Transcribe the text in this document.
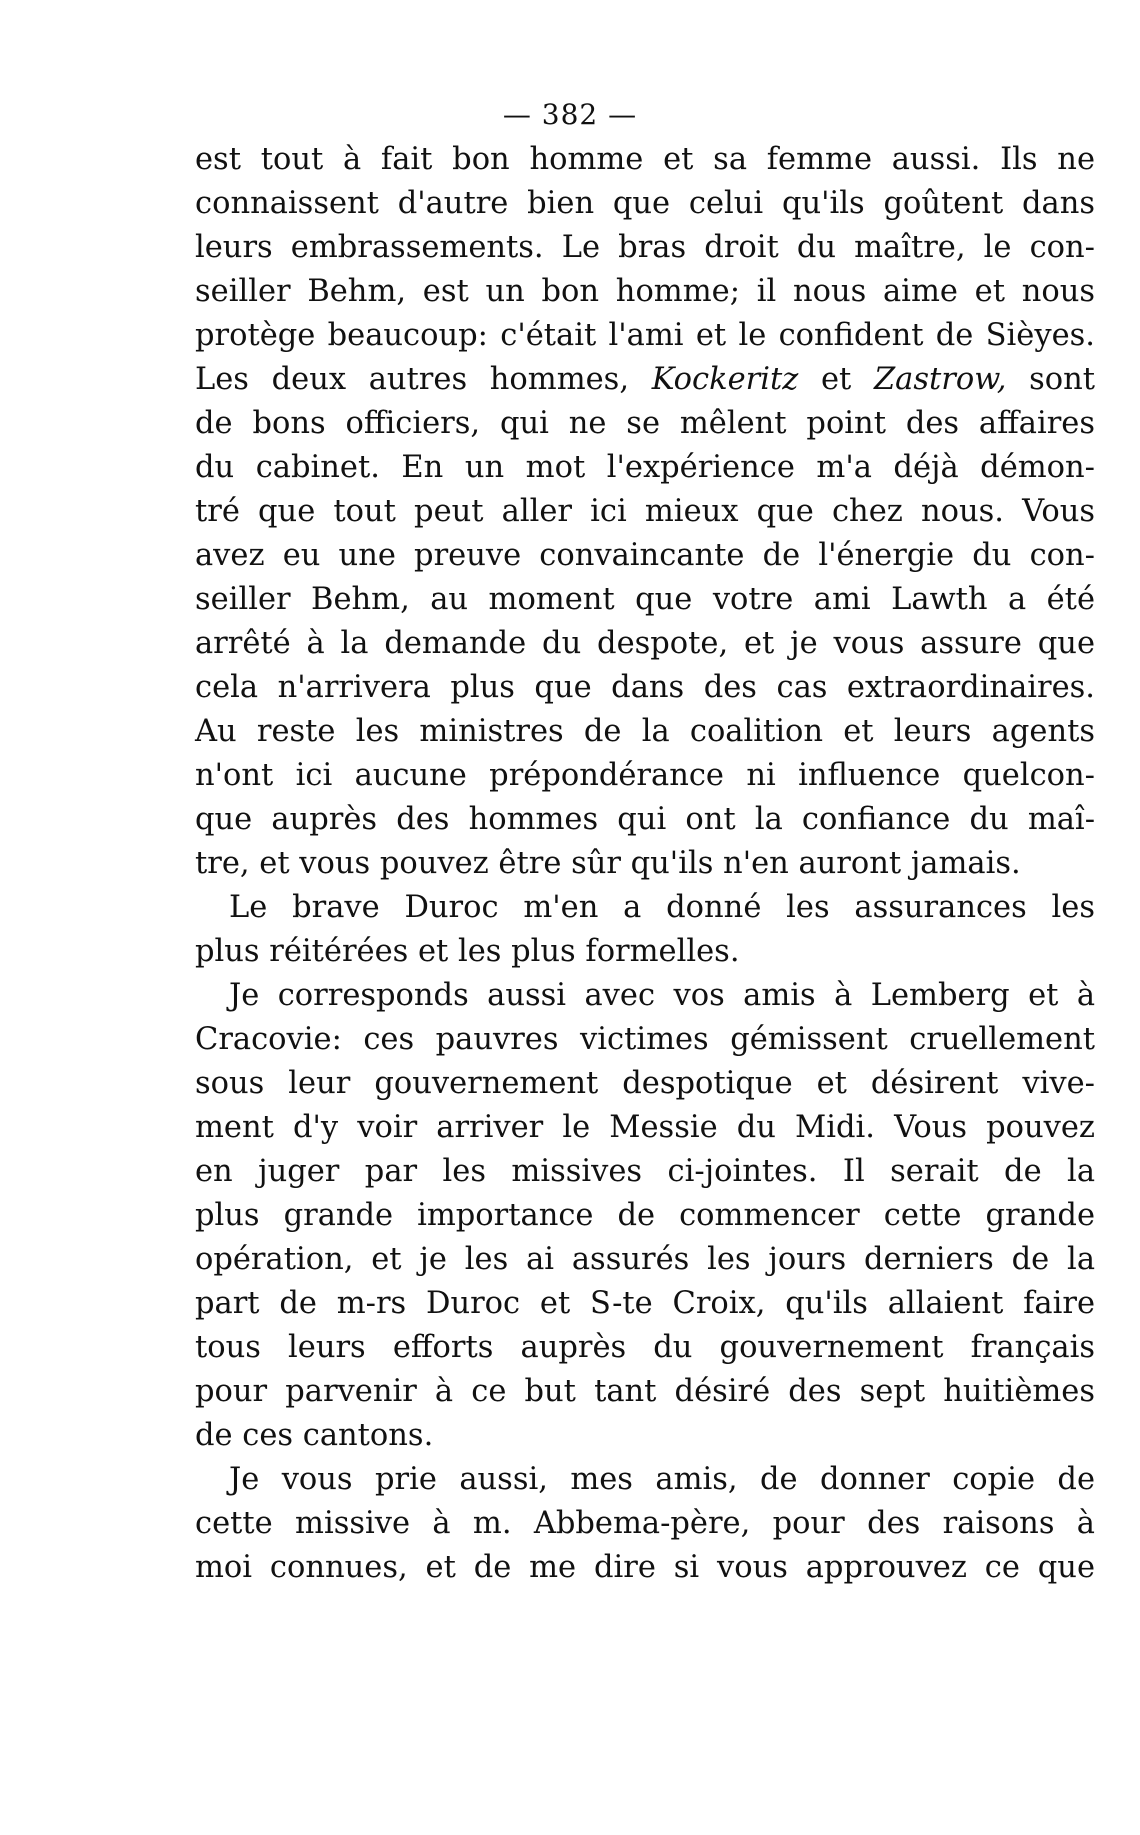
— 382 —
est tout à fait bon homme et sa femme aussi. Ils ne
connaissent d'autre bien que celui qu'ils goûtent dans
leurs embrassements. Le bras droit du maître, le con-
seiller Behm, est un bon homme; il nous aime et nous
protège beaucoup: c'était l'ami et le confident de Sièyes.
Les deux autres hommes, Kockeritz et Zastrow, sont
de bons officiers, qui ne se mêlent point des affaires
du cabinet. En un mot l'expérience m'a déjà démon-
tré que tout peut aller ici mieux que chez nous. Vous
avez eu une preuve convaincante de l'énergie du con-
seiller Behm, au moment que votre ami Lawth a été
arrêté à la demande du despote, et je vous assure que
cela n'arrivera plus que dans des cas extraordinaires.
Au reste les ministres de la coalition et leurs agents
n'ont ici aucune prépondérance ni influence quelcon-
que auprès des hommes qui ont la confiance du maî-
tre, et vous pouvez être sûr qu'ils n'en auront jamais.
Le brave Duroc m'en a donné les assurances les
plus réitérées et les plus formelles.
Je corresponds aussi avec vos amis à Lemberg et à
Cracovie: ces pauvres victimes gémissent cruellement
sous leur gouvernement despotique et désirent vive-
ment d'y voir arriver le Messie du Midi. Vous pouvez
en juger par les missives ci-jointes. Il serait de la
plus grande importance de commencer cette grande
opération, et je les ai assurés les jours derniers de la
part de m-rs Duroc et S-te Croix, qu'ils allaient faire
tous leurs efforts auprès du gouvernement français
pour parvenir à ce but tant désiré des sept huitièmes
de ces cantons.
Je vous prie aussi, mes amis, de donner copie de
cette missive à m. Abbema-père, pour des raisons à
moi connues, et de me dire si vous approuvez ce que
